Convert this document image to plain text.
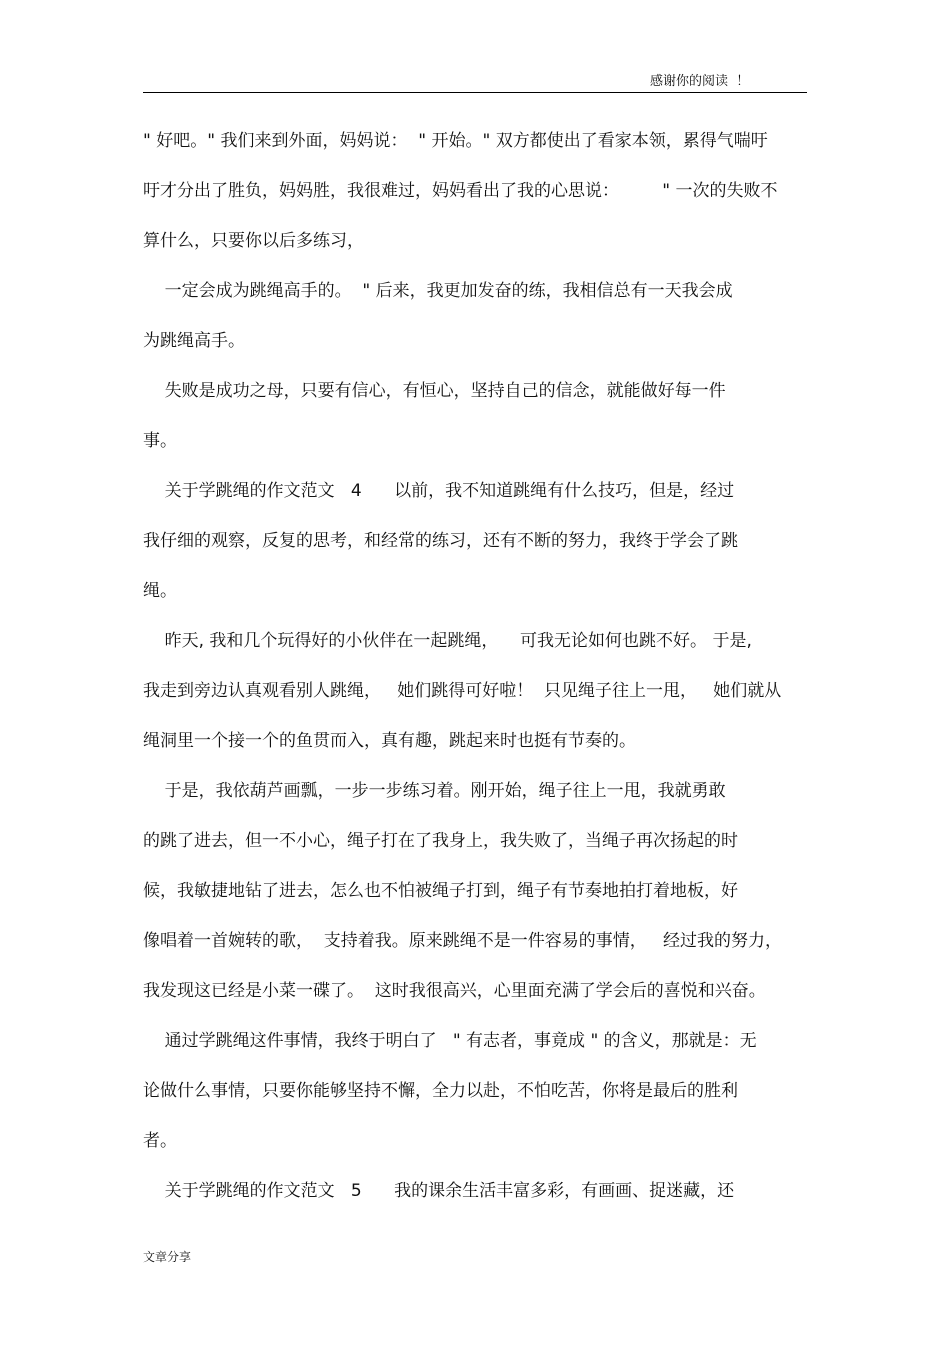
感谢你的阅读  ！
" 好吧。" 我们来到外面，妈妈说：  " 开始。" 双方都使出了看家本领，累得气喘吁
吁才分出了胜负，妈妈胜，我很难过，妈妈看出了我的心思说：        " 一次的失败不
算什么，只要你以后多练习，
一定会成为跳绳高手的。  " 后来，我更加发奋的练，我相信总有一天我会成
为跳绳高手。
失败是成功之母，只要有信心，有恒心，坚持自己的信念，就能做好每一件
事。
关于学跳绳的作文范文   4      以前，我不知道跳绳有什么技巧，但是，经过
我仔细的观察，反复的思考，和经常的练习，还有不断的努力，我终于学会了跳
绳。
昨天, 我和几个玩得好的小伙伴在一起跳绳，    可我无论如何也跳不好。 于是,
我走到旁边认真观看别人跳绳，   她们跳得可好啦！  只见绳子往上一甩，   她们就从
绳洞里一个接一个的鱼贯而入，真有趣，跳起来时也挺有节奏的。
于是，我依葫芦画瓢，一步一步练习着。刚开始，绳子往上一甩，我就勇敢
的跳了进去，但一不小心，绳子打在了我身上，我失败了，当绳子再次扬起的时
候，我敏捷地钻了进去，怎么也不怕被绳子打到，绳子有节奏地拍打着地板，好
像唱着一首婉转的歌，  支持着我。原来跳绳不是一件容易的事情，   经过我的努力，
我发现这已经是小菜一碟了。  这时我很高兴，心里面充满了学会后的喜悦和兴奋。
通过学跳绳这件事情，我终于明白了   " 有志者，事竟成 " 的含义，那就是：无
论做什么事情，只要你能够坚持不懈，全力以赴，不怕吃苦，你将是最后的胜利
者。
关于学跳绳的作文范文   5      我的课余生活丰富多彩，有画画、捉迷藏，还
文章分享
